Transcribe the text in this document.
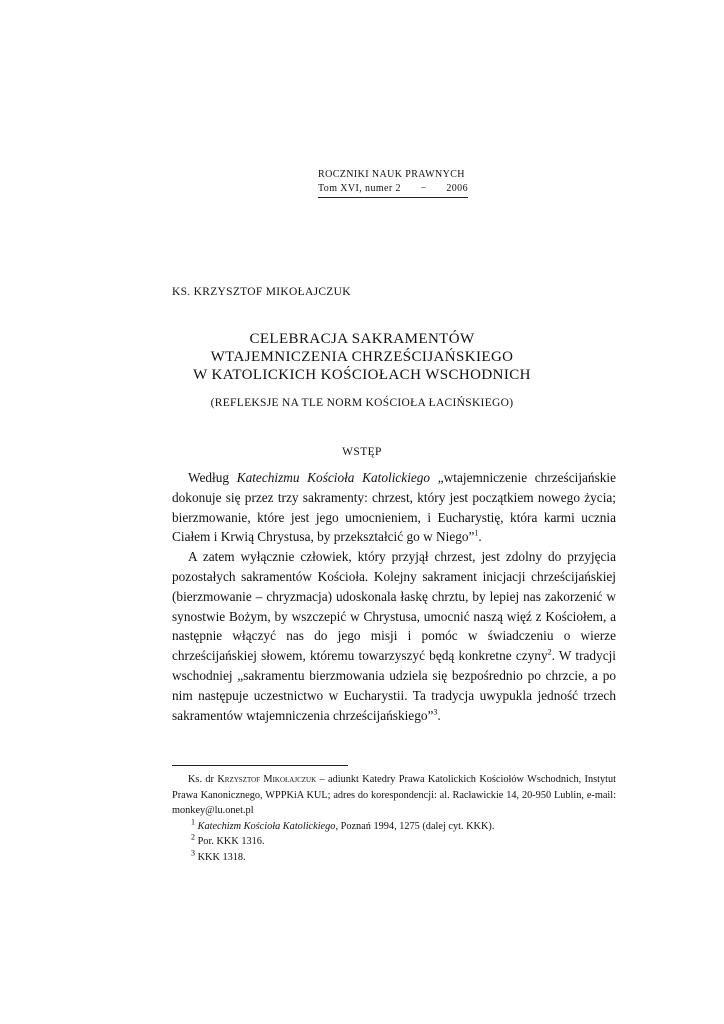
ROCZNIKI NAUK PRAWNYCH
Tom XVI, numer 2 − 2006
KS. KRZYSZTOF MIKOŁAJCZUK
CELEBRACJA SAKRAMENTÓW
WTAJEMNICZENIA CHRZEŚCIJAŃSKIEGO
W KATOLICKICH KOŚCIOŁACH WSCHODNICH
(REFLEKSJE NA TLE NORM KOŚCIOŁA ŁACIŃSKIEGO)
WSTĘP

Według Katechizmu Kościoła Katolickiego „wtajemniczenie chrześcijańskie dokonuje się przez trzy sakramenty: chrzest, który jest początkiem nowego życia; bierzmowanie, które jest jego umocnieniem, i Eucharystię, która karmi ucznia Ciałem i Krwią Chrystusa, by przekształcić go w Niego”$^1$.

A zatem wyłącznie człowiek, który przyjął chrzest, jest zdolny do przyjęcia pozostałych sakramentów Kościoła. Kolejny sakrament inicjacji chrześcijańskiej (bierzmowanie – chryzmacja) udoskonala łaskę chrztu, by lepiej nas zakorzenić w synostwie Bożym, by wszczepić w Chrystusa, umocnić naszą więź z Kościołem, a następnie włączyć nas do jego misji i pomóc w świadczeniu o wierze chrześcijańskiej słowem, któremu towarzyszyć będą konkretne czyny$^2$. W tradycji wschodniej „sakramentu bierzmowania udziela się bezpośrednio po chrzcie, a po nim następuje uczestnictwo w Eucharystii. Ta tradycja uwypukla jedność trzech sakramentów wtajemniczenia chrześcijańskiego”$^3$.

Ks. dr Krzysztof Mikołajczuk – adiunkt Katedry Prawa Katolickich Kościołów Wschodnich, Instytut Prawa Kanonicznego, WPPKiA KUL; adres do korespondencji: al. Racławickie 14, 20-950 Lublin, e-mail: monkey@lu.onet.pl

$^1$ Katechizm Kościoła Katolickiego, Poznań 1994, 1275 (dalej cyt. KKK).

$^2$ Por. KKK 1316.

$^3$ KKK 1318.
